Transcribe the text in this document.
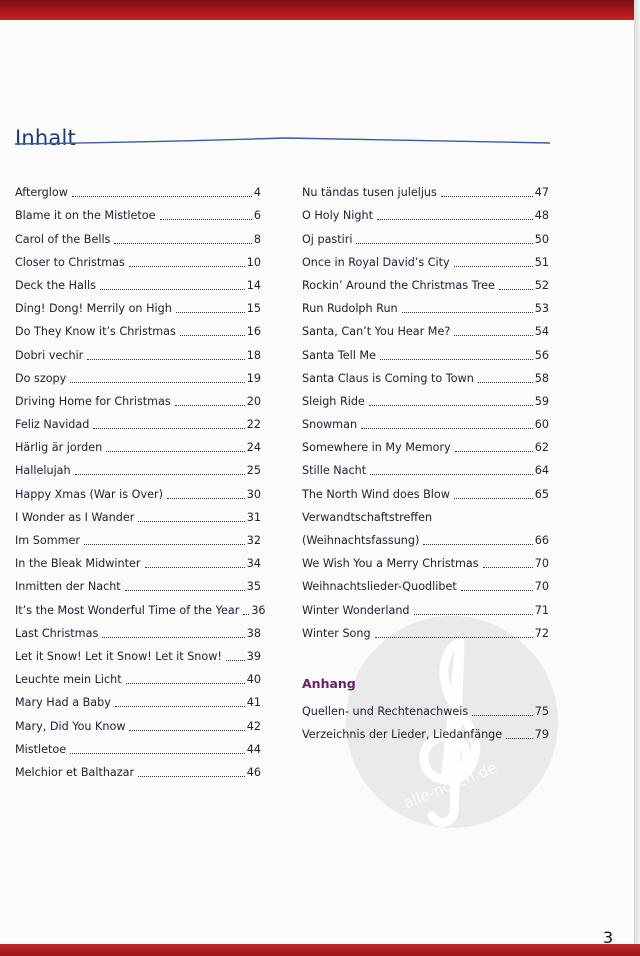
Inhalt
alle-noten.de
Afterglow	4
Blame it on the Mistletoe	6
Carol of the Bells	8
Closer to Christmas	10
Deck the Halls	14
Ding! Dong! Merrily on High	15
Do They Know it’s Christmas	16
Dobri vechir	18
Do szopy	19
Driving Home for Christmas	20
Feliz Navidad	22
Härlig är jorden	24
Hallelujah	25
Happy Xmas (War is Over)	30
I Wonder as I Wander	31
Im Sommer	32
In the Bleak Midwinter	34
Inmitten der Nacht	35
It’s the Most Wonderful Time of the Year 36
Last Christmas	38
Let it Snow! Let it Snow! Let it Snow! 39
Leuchte mein Licht	40
Mary Had a Baby	41
Mary, Did You Know	42
Mistletoe	44
Melchior et Balthazar	46
Nu tändas tusen juleljus	47
O Holy Night	48
Oj pastiri	50
Once in Royal David’s City	51
Rockin’ Around the Christmas Tree	52
Run Rudolph Run	53
Santa, Can’t You Hear Me?	54
Santa Tell Me	56
Santa Claus is Coming to Town	58
Sleigh Ride	59
Snowman	60
Somewhere in My Memory	62
Stille Nacht	64
The North Wind does Blow	65
Verwandtschaftstreffen
(Weihnachtsfassung)	66
We Wish You a Merry Christmas	70
Weihnachtslieder-Quodlibet	70
Winter Wonderland	71
Winter Song	72
Anhang
Quellen- und Rechtenachweis	75
Verzeichnis der Lieder, Liedanfänge	79
3
